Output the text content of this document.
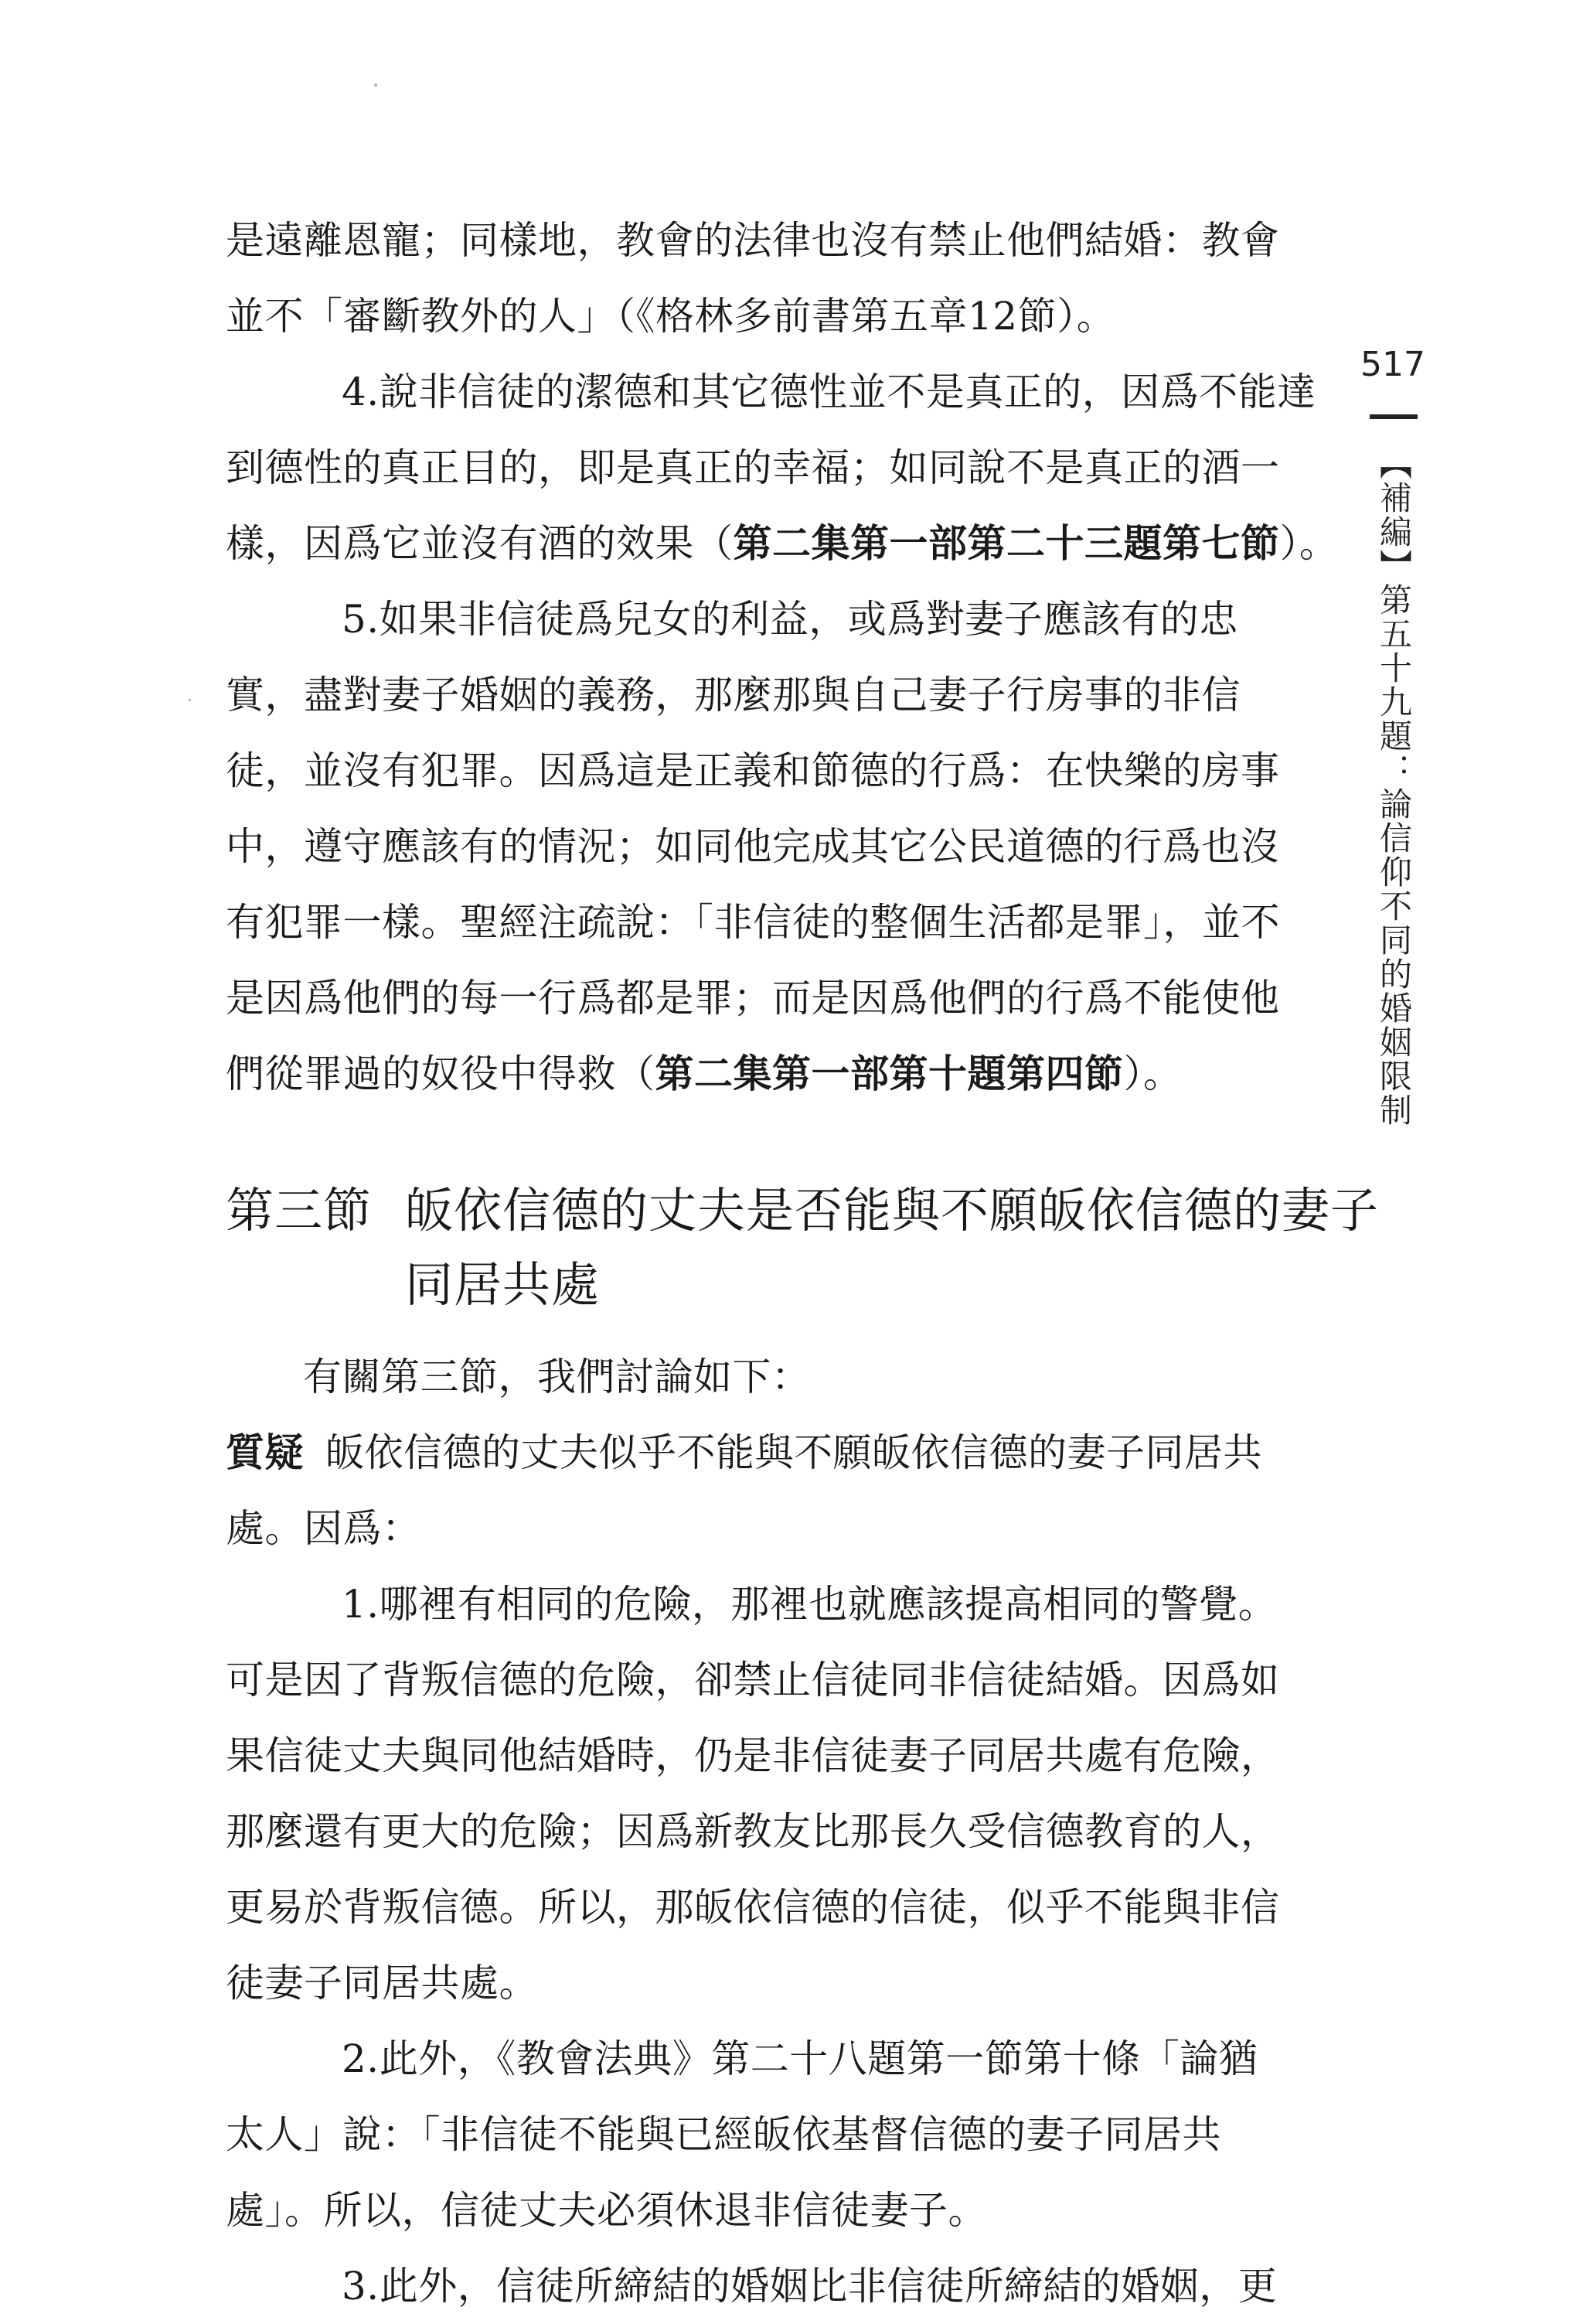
517
【補編】第五十九題：論信仰不同的婚姻限制
是遠離恩寵；同樣地，教會的法律也沒有禁止他們結婚：教會
並不「審斷教外的人」（《格林多前書第五章12節）。
4.說非信徒的潔德和其它德性並不是真正的，因爲不能達
到德性的真正目的，即是真正的幸福；如同說不是真正的酒一
樣，因爲它並沒有酒的效果（第二集第一部第二十三題第七節）。
5.如果非信徒爲兒女的利益，或爲對妻子應該有的忠
實，盡對妻子婚姻的義務，那麼那與自己妻子行房事的非信
徒，並沒有犯罪。因爲這是正義和節德的行爲：在快樂的房事
中，遵守應該有的情況；如同他完成其它公民道德的行爲也沒
有犯罪一樣。聖經注疏說：「非信徒的整個生活都是罪」，並不
是因爲他們的每一行爲都是罪；而是因爲他們的行爲不能使他
們從罪過的奴役中得救（第二集第一部第十題第四節）。
第三節 皈依信德的丈夫是否能與不願皈依信德的妻子
同居共處
有關第三節，我們討論如下：
質疑 皈依信德的丈夫似乎不能與不願皈依信德的妻子同居共
處。因爲：
1.哪裡有相同的危險，那裡也就應該提高相同的警覺。
可是因了背叛信德的危險，卻禁止信徒同非信徒結婚。因爲如
果信徒丈夫與同他結婚時，仍是非信徒妻子同居共處有危險，
那麼還有更大的危險；因爲新教友比那長久受信德教育的人，
更易於背叛信德。所以，那皈依信德的信徒，似乎不能與非信
徒妻子同居共處。
2.此外，《教會法典》第二十八題第一節第十條「論猶
太人」說：「非信徒不能與已經皈依基督信德的妻子同居共
處」。所以，信徒丈夫必須休退非信徒妻子。
3.此外，信徒所締結的婚姻比非信徒所締結的婚姻，更
